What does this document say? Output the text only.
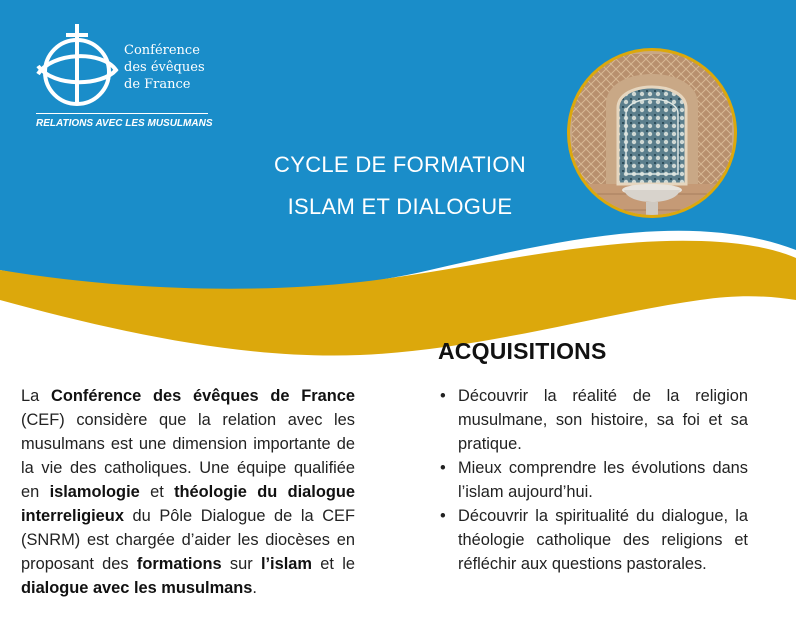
Conférence
des évêques
de France
RELATIONS AVEC LES MUSULMANS
CYCLE DE FORMATION
ISLAM ET DIALOGUE
La Conférence des évêques de France (CEF) considère que la relation avec les musulmans est une dimension importante de la vie des catholiques. Une équipe qualifiée en islamologie et théologie du dialogue interreligieux du Pôle Dialogue de la CEF (SNRM) est chargée d’aider les diocèses en proposant des formations sur l’islam et le dialogue avec les musulmans.
ACQUISITIONS
• Découvrir la réalité de la religion musulmane, son histoire, sa foi et sa pratique.
• Mieux comprendre les évolutions dans l’islam aujourd’hui.
• Découvrir la spiritualité du dialogue, la théologie catholique des religions et réfléchir aux questions pastorales.
